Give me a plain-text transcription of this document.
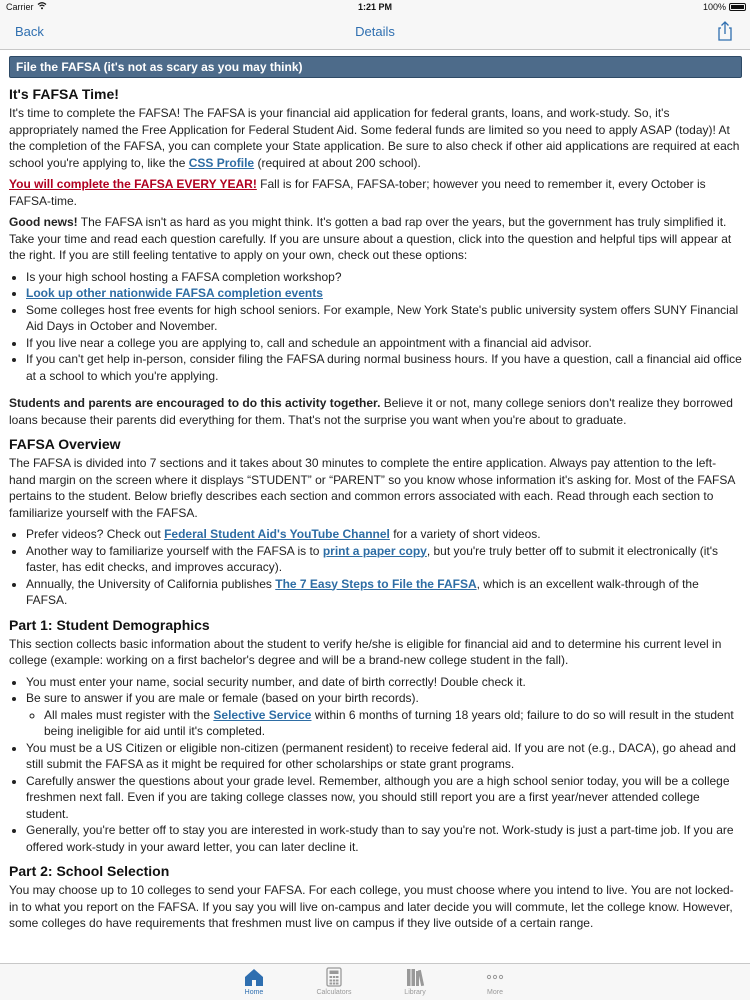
Carrier	1:21 PM	100%
Back	Details
File the FAFSA (it's not as scary as you may think)
It's FAFSA Time!

It's time to complete the FAFSA! The FAFSA is your financial aid application for federal grants, loans, and work-study. So, it's appropriately named the Free Application for Federal Student Aid. Some federal funds are limited so you need to apply ASAP (today)! At the completion of the FAFSA, you can complete your State application. Be sure to also check if other aid applications are required at each school you're applying to, like the CSS Profile (required at about 200 school).

You will complete the FAFSA EVERY YEAR! Fall is for FAFSA, FAFSA-tober; however you need to remember it, every October is FAFSA-time.

Good news! The FAFSA isn't as hard as you might think. It's gotten a bad rap over the years, but the government has truly simplified it. Take your time and read each question carefully. If you are unsure about a question, click into the question and helpful tips will appear at the right. If you are still feeling tentative to apply on your own, check out these options:

• Is your high school hosting a FAFSA completion workshop?
• Look up other nationwide FAFSA completion events
• Some colleges host free events for high school seniors. For example, New York State's public university system offers SUNY Financial Aid Days in October and November.
• If you live near a college you are applying to, call and schedule an appointment with a financial aid advisor.
• If you can't get help in-person, consider filing the FAFSA during normal business hours. If you have a question, call a financial aid office at a school to which you're applying.

Students and parents are encouraged to do this activity together. Believe it or not, many college seniors don't realize they borrowed loans because their parents did everything for them. That's not the surprise you want when you're about to graduate.

FAFSA Overview

The FAFSA is divided into 7 sections and it takes about 30 minutes to complete the entire application. Always pay attention to the left-hand margin on the screen where it displays “STUDENT” or “PARENT” so you know whose information it's asking for. Most of the FAFSA pertains to the student. Below briefly describes each section and common errors associated with each. Read through each section to familiarize yourself with the FAFSA.

• Prefer videos? Check out Federal Student Aid's YouTube Channel for a variety of short videos.
• Another way to familiarize yourself with the FAFSA is to print a paper copy, but you're truly better off to submit it electronically (it's faster, has edit checks, and improves accuracy).
• Annually, the University of California publishes The 7 Easy Steps to File the FAFSA, which is an excellent walk-through of the FAFSA.
Part 1: Student Demographics

This section collects basic information about the student to verify he/she is eligible for financial aid and to determine his current level in college (example: working on a first bachelor's degree and will be a brand-new college student in the fall).

• You must enter your name, social security number, and date of birth correctly! Double check it.
• Be sure to answer if you are male or female (based on your birth records).
◦ All males must register with the Selective Service within 6 months of turning 18 years old; failure to do so will result in the student being ineligible for aid until it's completed.
• You must be a US Citizen or eligible non-citizen (permanent resident) to receive federal aid. If you are not (e.g., DACA), go ahead and still submit the FAFSA as it might be required for other scholarships or state grant programs.
• Carefully answer the questions about your grade level. Remember, although you are a high school senior today, you will be a college freshmen next fall. Even if you are taking college classes now, you should still report you are a first year/never attended college student.
• Generally, you're better off to stay you are interested in work-study than to say you're not. Work-study is just a part-time job. If you are offered work-study in your award letter, you can later decline it.
Part 2: School Selection

You may choose up to 10 colleges to send your FAFSA. For each college, you must choose where you intend to live. You are not locked-in to what you report on the FAFSA. If you say you will live on-campus and later decide you will commute, let the college know. However, some colleges do have requirements that freshmen must live on campus if they live outside of a certain range.

Home	Calculators	Library	More
